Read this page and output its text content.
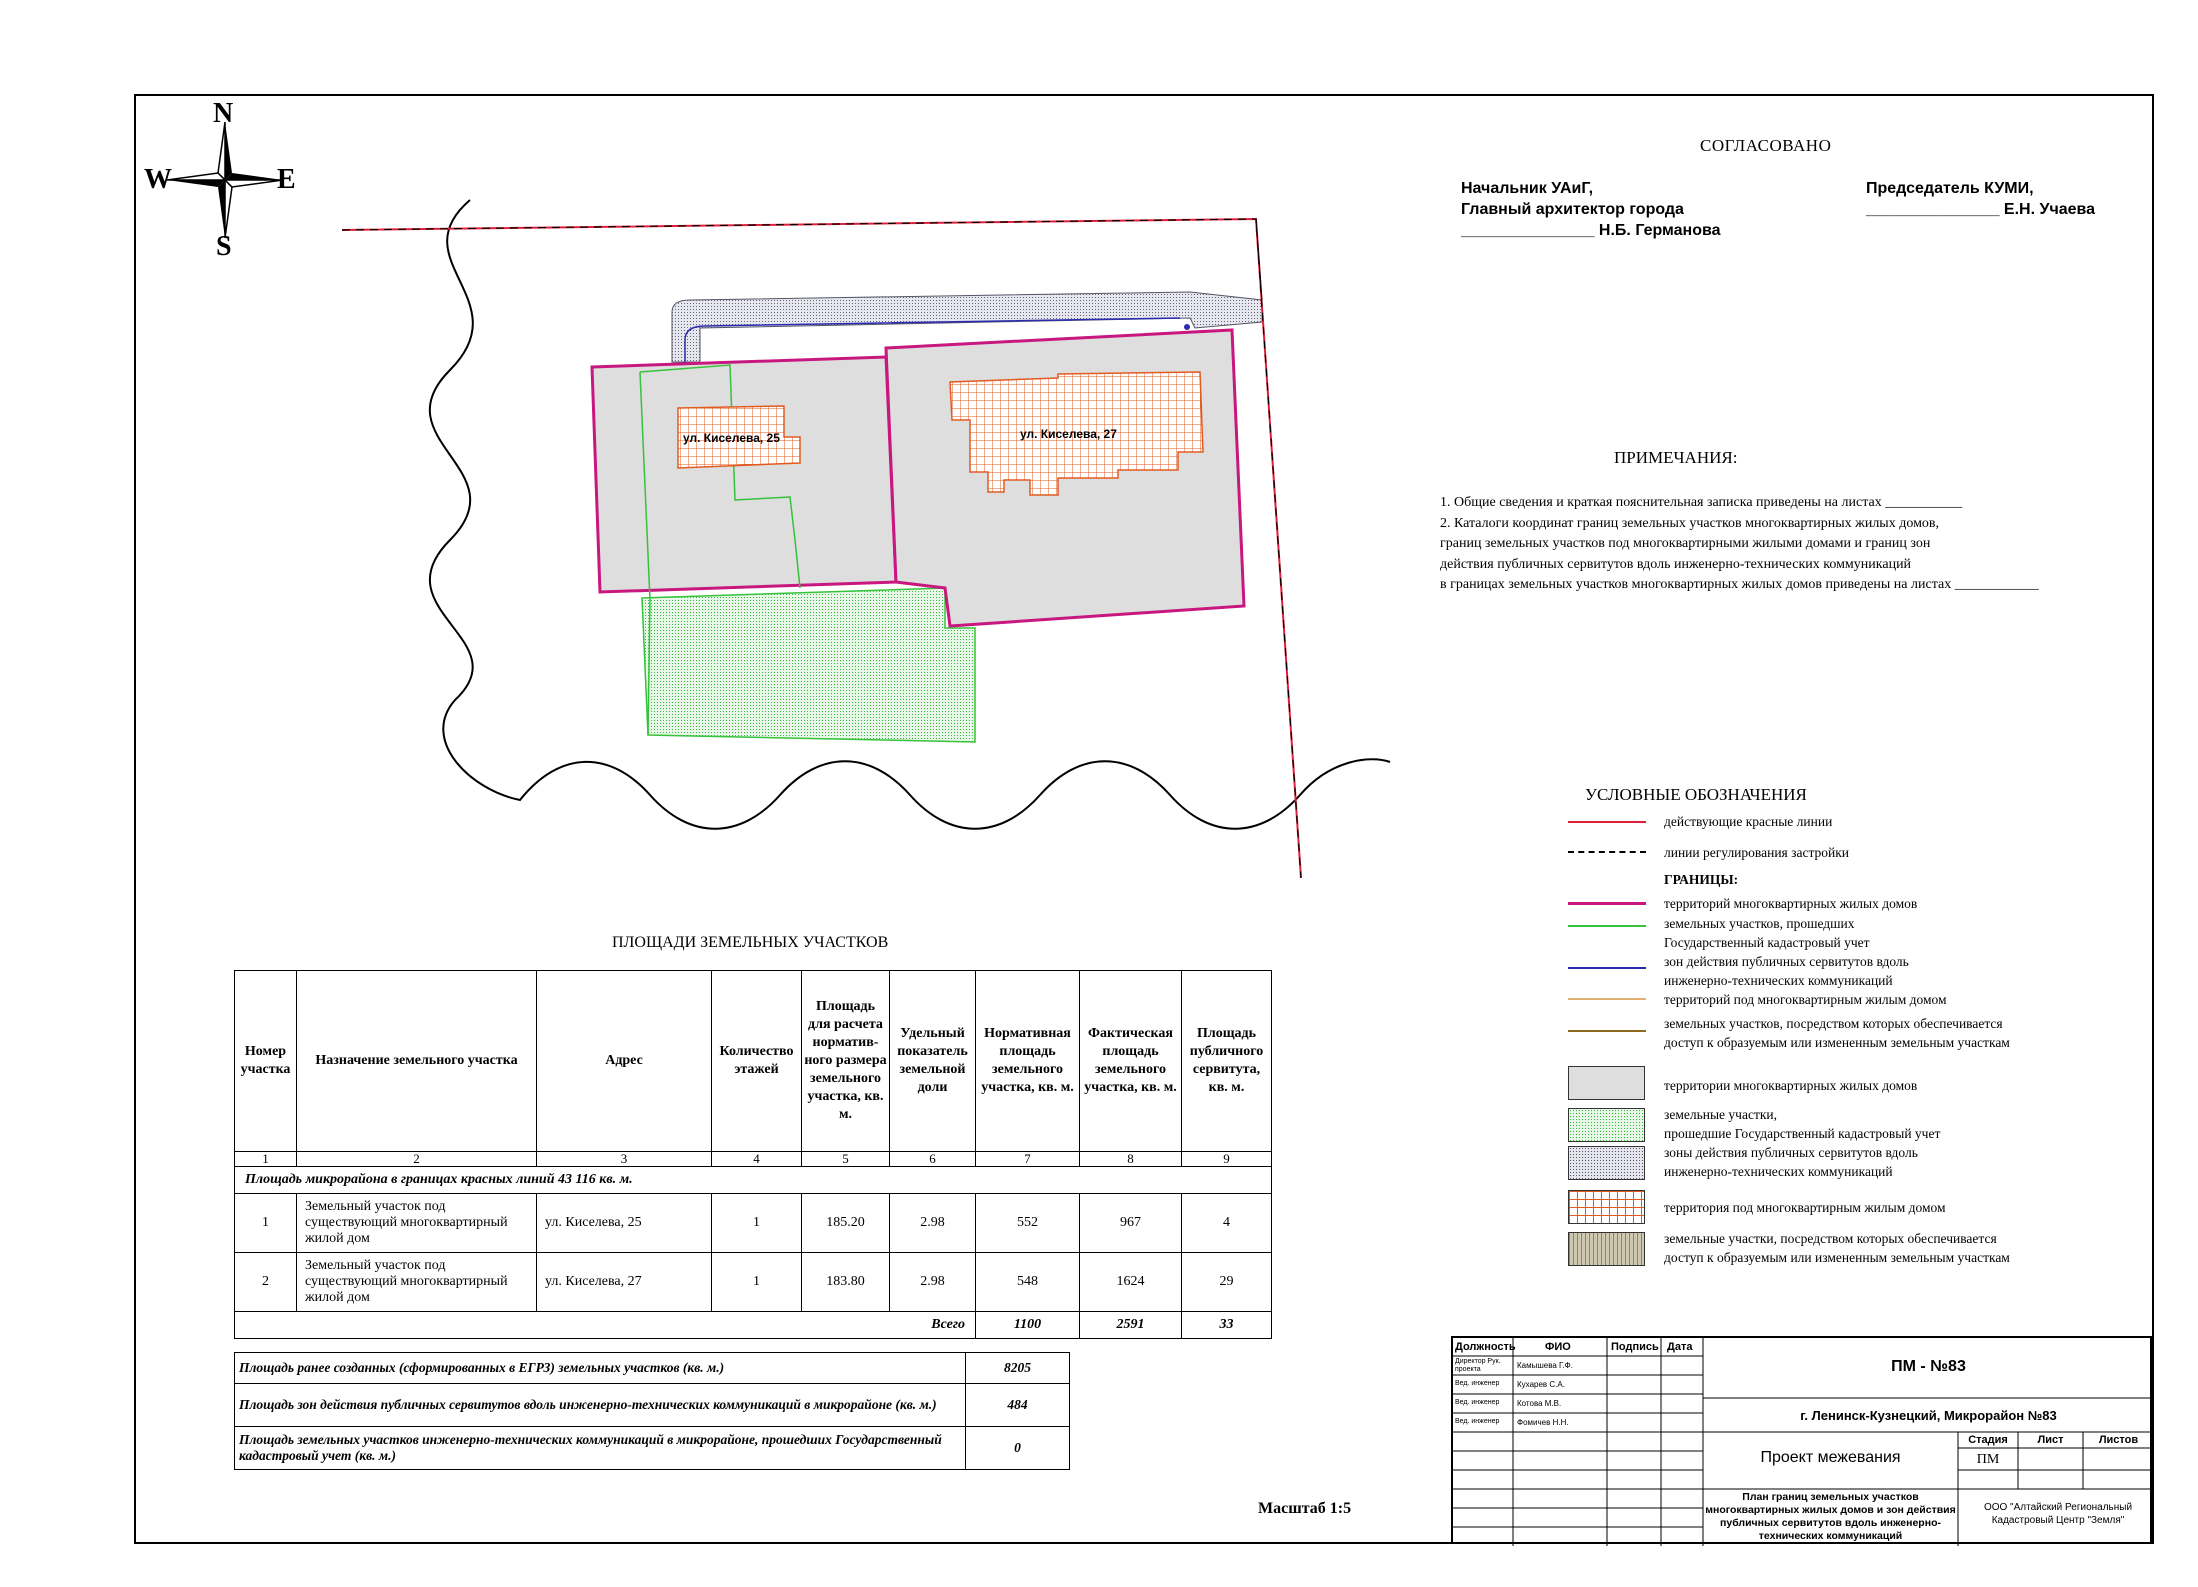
N
S
W	E
СОГЛАСОВАНО
Начальник УАиГ,
Главный архитектор города
_______________ Н.Б. Германова
Председатель КУМИ,
_______________ Е.Н. Учаева
ул. Киселева, 25	ул. Киселева, 27
ПРИМЕЧАНИЯ:
1. Общие сведения и краткая пояснительная записка приведены на листах ___________
2. Каталоги координат границ земельных участков многоквартирных жилых домов,
границ земельных участков под многоквартирными жилыми домами и границ зон
действия публичных сервитутов вдоль инженерно-технических коммуникаций
в границах земельных участков многоквартирных жилых домов приведены на листах ____________
УСЛОВНЫЕ ОБОЗНАЧЕНИЯ
действующие красные линии
линии регулирования застройки
ГРАНИЦЫ:
территорий многоквартирных жилых домов
земельных участков, прошедших
Государственный кадастровый учет
зон действия публичных сервитутов вдоль
инженерно-технических коммуникаций
территорий под многоквартирным жилым домом
земельных участков, посредством которых обеспечивается
доступ к образуемым или измененным земельным участкам
территории многоквартирных жилых домов
земельные участки,
прошедшие Государственный кадастровый учет
зоны действия публичных сервитутов вдоль
инженерно-технических коммуникаций
территория под многоквартирным жилым домом
земельные участки, посредством которых обеспечивается
доступ к образуемым или измененным земельным участкам
ПЛОЩАДИ ЗЕМЕЛЬНЫХ УЧАСТКОВ
Номер участка	Назначение земельного участка	Адрес	Количество этажей	Площадь для расчета норматив-ного размера земельного участка, кв. м.	Удельный показатель земельной доли	Нормативная площадь земельного участка, кв. м.	Фактическая площадь земельного участка, кв. м.	Площадь публичного сервитута, кв. м.
1	2	3	4	5	6	7	8	9
Площадь микрорайона в границах красных линий 43 116 кв. м.								
1	Земельный участок под существующий многоквартирный жилой дом	ул. Киселева, 25	1	185.20	2.98	552	967	4
2	Земельный участок под существующий многоквартирный жилой дом	ул. Киселева, 27	1	183.80	2.98	548	1624	29
Всего						1100	2591	33
Площадь ранее созданных (сформированных в ЕГРЗ) земельных участков (кв. м.)	8205
Площадь зон действия публичных сервитутов вдоль инженерно-технических коммуникаций в микрорайоне (кв. м.)	484
Площадь земельных участков инженерно-технических коммуникаций в микрорайоне, прошедших Государственный кадастровый учет (кв. м.)	0
Масштаб 1:5
Должность	ФИО	Подпись Дата
Директор Рук. проекта	Камышева Г.Ф.
Вед. инженер Кухарев С.А.
Вед. инженер Котова М.В.
Вед. инженер Фомичев Н.Н.
ПМ - №83
г. Ленинск-Кузнецкий, Микрорайон №83
Проект межевания
Стадия	Лист	Листов
ПМ
План границ земельных участков многоквартирных жилых домов и зон действия публичных сервитутов вдоль инженерно-технических коммуникаций
ООО "Алтайский Региональный Кадастровый Центр "Земля"
